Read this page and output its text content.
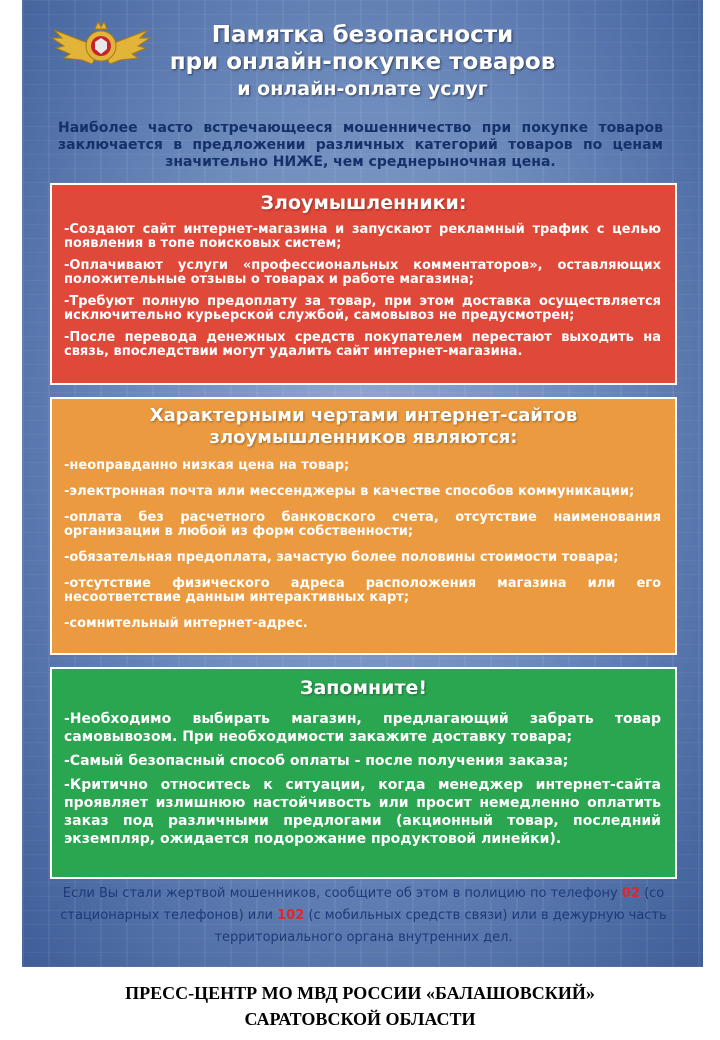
Памятка безопасности
при онлайн-покупке товаров
и онлайн-оплате услуг
Наиболее часто встречающееся мошенничество при покупке товаров заключается в предложении различных категорий товаров по ценам значительно НИЖЕ, чем среднерыночная цена.
Злоумышленники:
-Создают сайт интернет-магазина и запускают рекламный трафик с целью появления в топе поисковых систем;
-Оплачивают услуги «профессиональных комментаторов», оставляющих положительные отзывы о товарах и работе магазина;
-Требуют полную предоплату за товар, при этом доставка осуществляется исключительно курьерской службой, самовывоз не предусмотрен;
-После перевода денежных средств покупателем перестают выходить на связь, впоследствии могут удалить сайт интернет-магазина.
Характерными чертами интернет-сайтов
злоумышленников являются:
-неоправданно низкая цена на товар;
-электронная почта или мессенджеры в качестве способов коммуникации;
-оплата без расчетного банковского счета, отсутствие наименования организации в любой из форм собственности;
-обязательная предоплата, зачастую более половины стоимости товара;
-отсутствие физического адреса расположения магазина или его несоответствие данным интерактивных карт;
-сомнительный интернет-адрес.
Запомните!
-Необходимо выбирать магазин, предлагающий забрать товар самовывозом. При необходимости закажите доставку товара;
-Самый безопасный способ оплаты - после получения заказа;
-Критично относитесь к ситуации, когда менеджер интернет-сайта проявляет излишнюю настойчивость или просит немедленно оплатить заказ под различными предлогами (акционный товар, последний экземпляр, ожидается подорожание продуктовой линейки).
Если Вы стали жертвой мошенников, сообщите об этом в полицию по телефону 02 (со стационарных телефонов) или 102 (с мобильных средств связи) или в дежурную часть территориального органа внутренних дел.
ПРЕСС-ЦЕНТР МО МВД РОССИИ «БАЛАШОВСКИЙ»
САРАТОВСКОЙ ОБЛАСТИ
